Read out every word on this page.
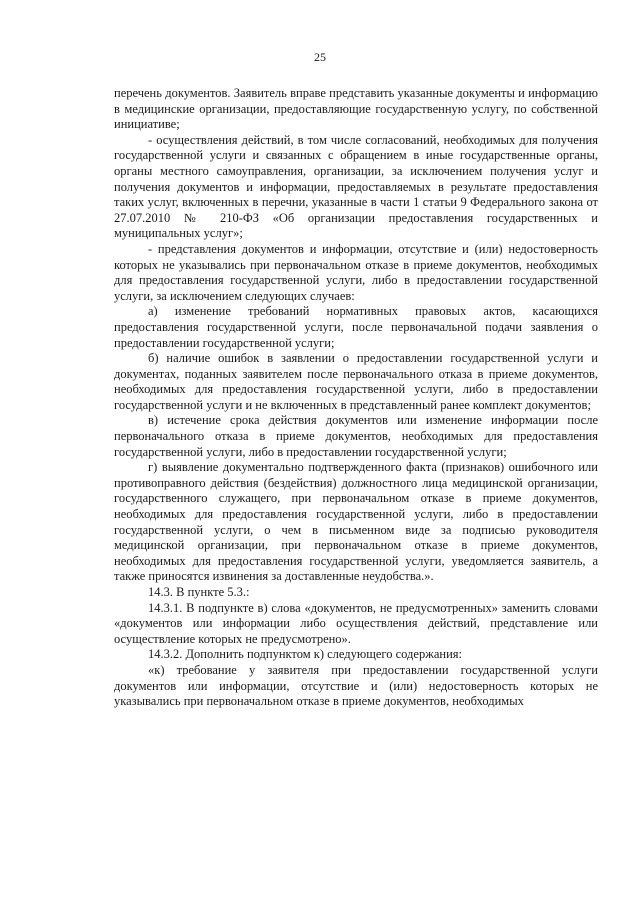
25

перечень документов. Заявитель вправе представить указанные документы и информацию в медицинские организации, предоставляющие государственную услугу, по собственной инициативе;

- осуществления действий, в том числе согласований, необходимых для получения государственной услуги и связанных с обращением в иные государственные органы, органы местного самоуправления, организации, за исключением получения услуг и получения документов и информации, предоставляемых в результате предоставления таких услуг, включенных в перечни, указанные в части 1 статьи 9 Федерального закона от 27.07.2010 № 210-ФЗ «Об организации предоставления государственных и муниципальных услуг»;

- представления документов и информации, отсутствие и (или) недостоверность которых не указывались при первоначальном отказе в приеме документов, необходимых для предоставления государственной услуги, либо в предоставлении государственной услуги, за исключением следующих случаев:

а) изменение требований нормативных правовых актов, касающихся предоставления государственной услуги, после первоначальной подачи заявления о предоставлении государственной услуги;

б) наличие ошибок в заявлении о предоставлении государственной услуги и документах, поданных заявителем после первоначального отказа в приеме документов, необходимых для предоставления государственной услуги, либо в предоставлении государственной услуги и не включенных в представленный ранее комплект документов;

в) истечение срока действия документов или изменение информации после первоначального отказа в приеме документов, необходимых для предоставления государственной услуги, либо в предоставлении государственной услуги;

г) выявление документально подтвержденного факта (признаков) ошибочного или противоправного действия (бездействия) должностного лица медицинской организации, государственного служащего, при первоначальном отказе в приеме документов, необходимых для предоставления государственной услуги, либо в предоставлении государственной услуги, о чем в письменном виде за подписью руководителя медицинской организации, при первоначальном отказе в приеме документов, необходимых для предоставления государственной услуги, уведомляется заявитель, а также приносятся извинения за доставленные неудобства.».

14.3. В пункте 5.3.:

14.3.1. В подпункте в) слова «документов, не предусмотренных» заменить словами «документов или информации либо осуществления действий, представление или осуществление которых не предусмотрено».

14.3.2. Дополнить подпунктом к) следующего содержания:

«к) требование у заявителя при предоставлении государственной услуги документов или информации, отсутствие и (или) недостоверность которых не указывались при первоначальном отказе в приеме документов, необходимых
